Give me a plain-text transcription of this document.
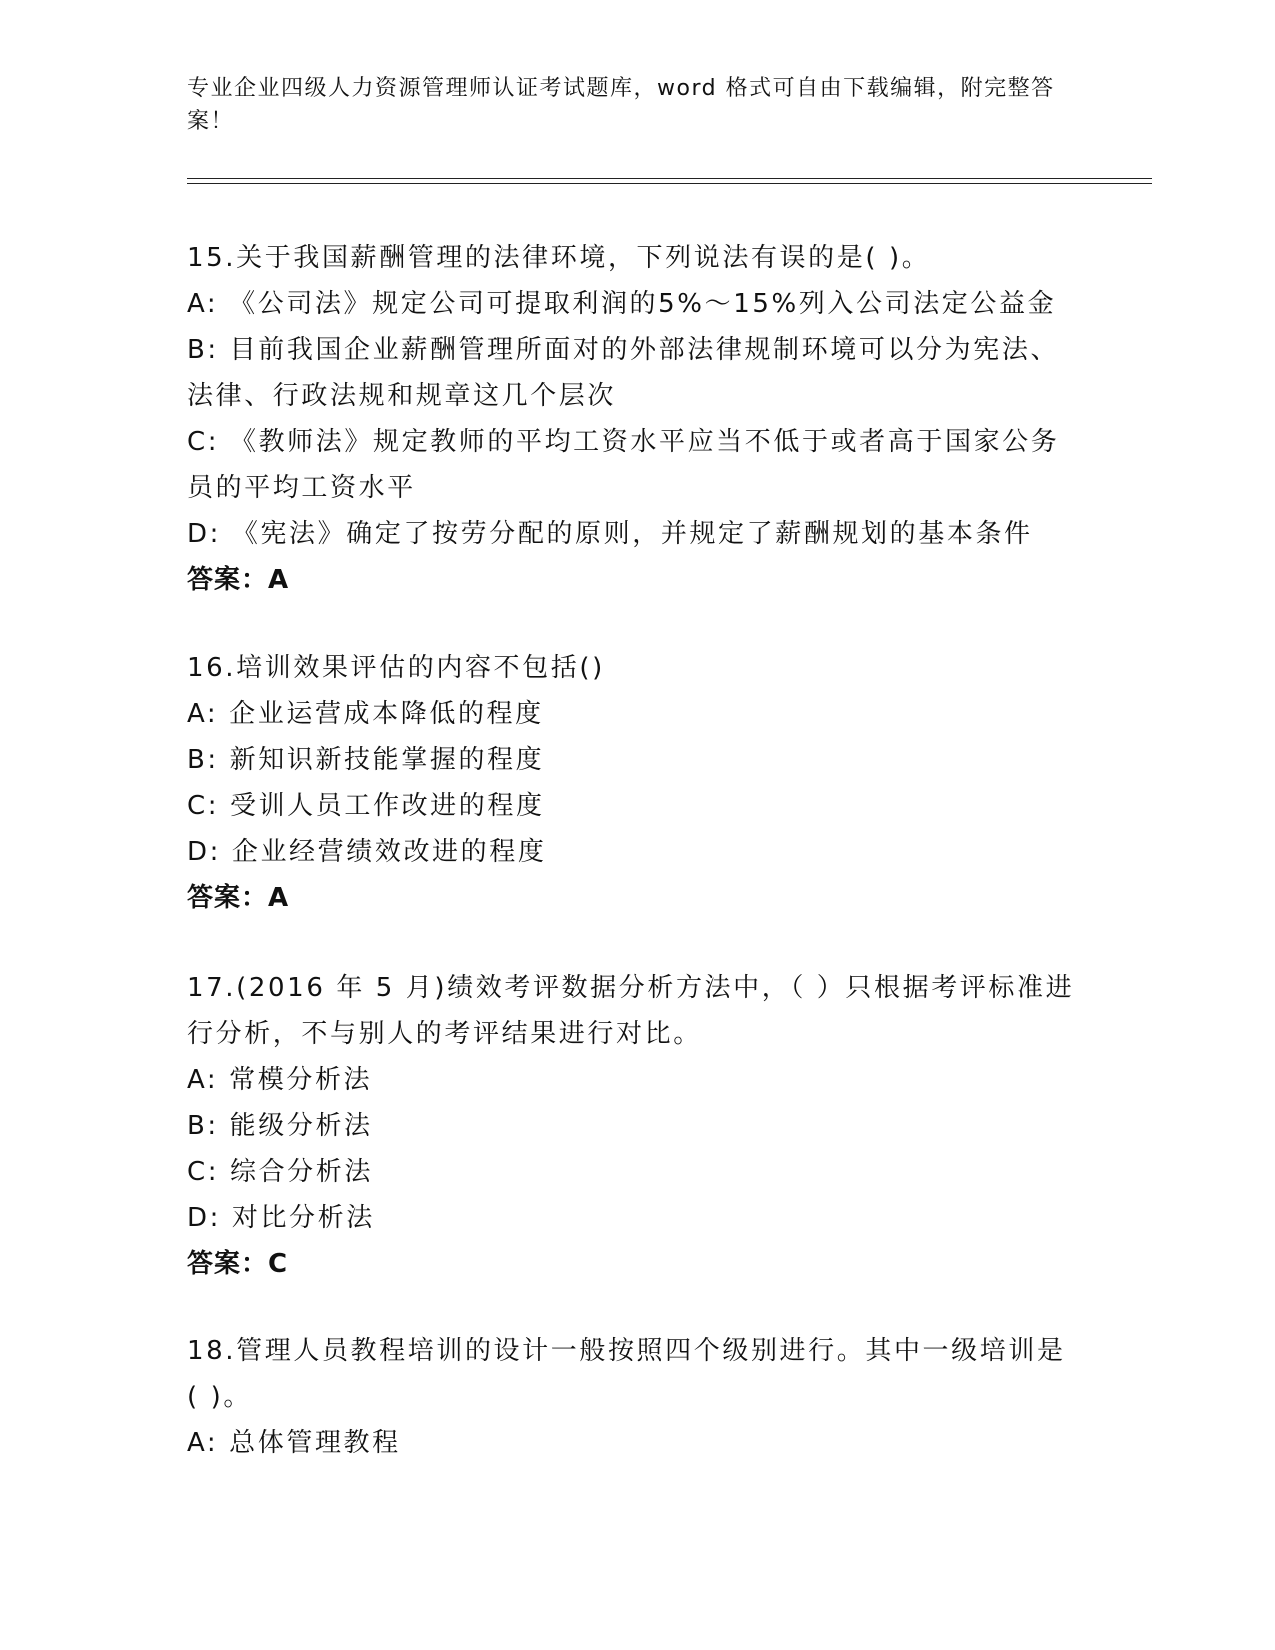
专业企业四级人力资源管理师认证考试题库，word 格式可自由下载编辑，附完整答案！
15.关于我国薪酬管理的法律环境，下列说法有误的是( )。
A: 《公司法》规定公司可提取利润的5%～15%列入公司法定公益金
B: 目前我国企业薪酬管理所面对的外部法律规制环境可以分为宪法、法律、行政法规和规章这几个层次
C: 《教师法》规定教师的平均工资水平应当不低于或者高于国家公务员的平均工资水平
D: 《宪法》确定了按劳分配的原则，并规定了薪酬规划的基本条件
答案：A
16.培训效果评估的内容不包括()
A: 企业运营成本降低的程度
B: 新知识新技能掌握的程度
C: 受训人员工作改进的程度
D: 企业经营绩效改进的程度
答案：A
17.(2016 年 5 月)绩效考评数据分析方法中，（ ）只根据考评标准进行分析，不与别人的考评结果进行对比。
A: 常模分析法
B: 能级分析法
C: 综合分析法
D: 对比分析法
答案：C
18.管理人员教程培训的设计一般按照四个级别进行。其中一级培训是( )。
A: 总体管理教程
